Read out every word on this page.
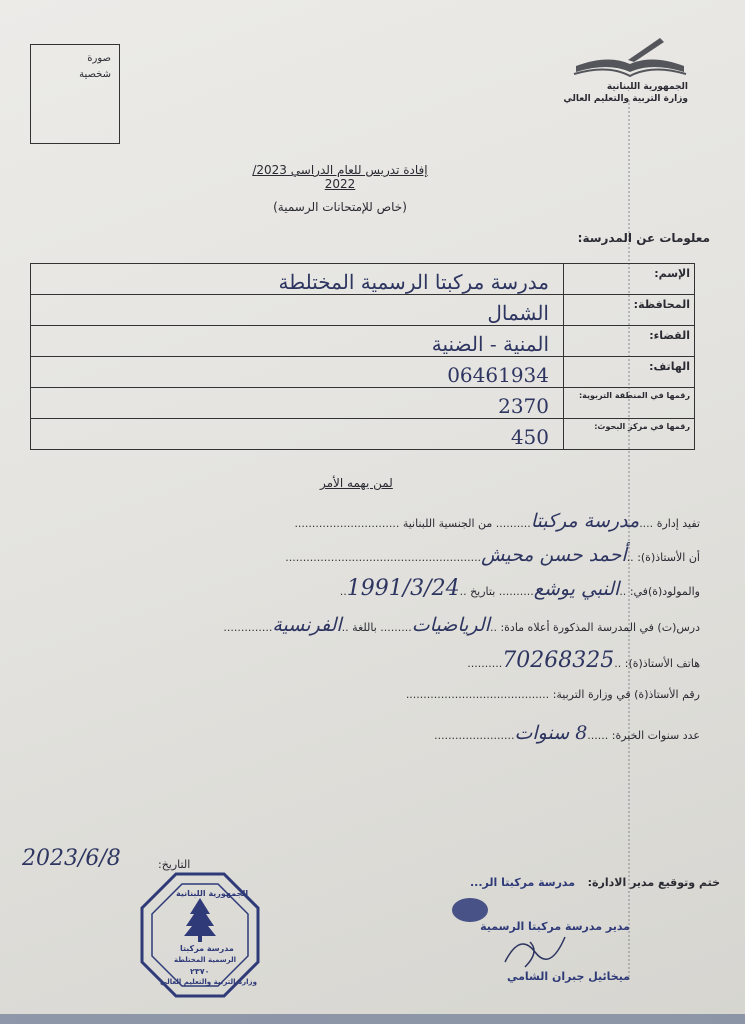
صورة
شخصية
الجمهورية اللبنانية
وزارة التربية والتعليم العالي
إفادة تدريس للعام الدراسي 2023/ 2022
(خاص للإمتحانات الرسمية)
معلومات عن المدرسة:
الإسم:	مدرسة مركبتا الرسمية المختلطة
المحافظة:	الشمال
القضاء:	المنية - الضنية
الهاتف:	06461934
رقمها في المنطقة التربوية:	2370
رقمها في مركز البحوث:	450
لمن يهمه الأمر
تفيد إدارة ....مدرسة مركبتا.......... من الجنسية اللبنانية ..............................
أن الأستاذ(ة): ..أحمد حسن محيش........................................................
والمولود(ة)في: ..النبي يوشع.......... بتاريخ ..1991/3/24..
درس(ت) في المدرسة المذكورة أعلاه مادة: ..الرياضيات......... باللغة ..الفرنسية..............
هاتف الأستاذ(ة): ..70268325..........
رقم الأستاذ(ة) في وزارة التربية: .........................................
عدد سنوات الخبرة: ......8 سنوات.......................
التاريخ:
2023/6/8
الجمهورية اللبنانية
مدرسة مركبتا
الرسمية المختلطة
٢٣٧٠
وزارة التربية والتعليم العالي
ختم وتوقيع مدير الادارة:
مدرسة مركبتا الر...
مدير مدرسة مركبتا الرسمية
ميخائيل جبران الشامي
